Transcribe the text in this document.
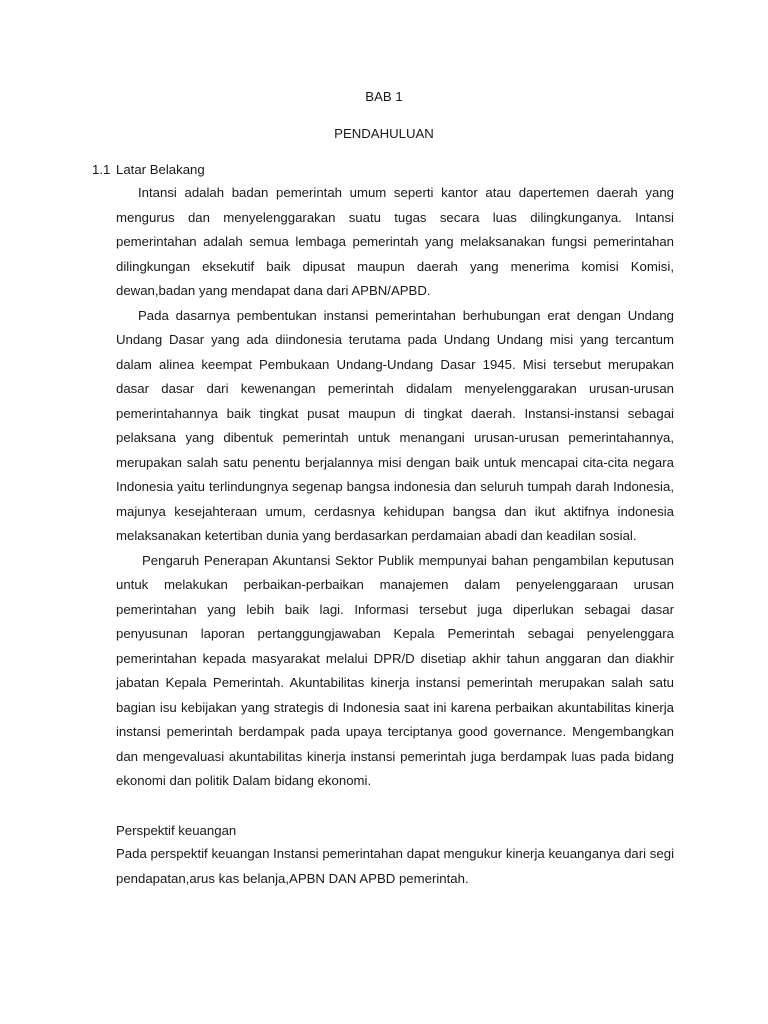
BAB 1
PENDAHULUAN
1.1 Latar Belakang

Intansi adalah badan pemerintah umum seperti kantor atau dapertemen daerah yang mengurus dan menyelenggarakan suatu tugas secara luas dilingkunganya. Intansi pemerintahan adalah semua lembaga pemerintah yang melaksanakan fungsi pemerintahan dilingkungan eksekutif baik dipusat maupun daerah yang menerima komisi Komisi, dewan,badan yang mendapat dana dari APBN/APBD.

Pada dasarnya pembentukan instansi pemerintahan berhubungan erat dengan Undang Undang Dasar yang ada diindonesia terutama pada Undang Undang misi yang tercantum dalam alinea keempat Pembukaan Undang-Undang Dasar 1945. Misi tersebut merupakan dasar dasar dari kewenangan pemerintah didalam menyelenggarakan urusan-urusan pemerintahannya baik tingkat pusat maupun di tingkat daerah. Instansi-instansi sebagai pelaksana yang dibentuk pemerintah untuk menangani urusan-urusan pemerintahannya, merupakan salah satu penentu berjalannya misi dengan baik untuk mencapai cita-cita negara Indonesia yaitu terlindungnya segenap bangsa indonesia dan seluruh tumpah darah Indonesia, majunya kesejahteraan umum, cerdasnya kehidupan bangsa dan ikut aktifnya indonesia melaksanakan ketertiban dunia yang berdasarkan perdamaian abadi dan keadilan sosial.

Pengaruh Penerapan Akuntansi Sektor Publik mempunyai bahan pengambilan keputusan untuk melakukan perbaikan-perbaikan manajemen dalam penyelenggaraan urusan pemerintahan yang lebih baik lagi. Informasi tersebut juga diperlukan sebagai dasar penyusunan laporan pertanggungjawaban Kepala Pemerintah sebagai penyelenggara pemerintahan kepada masyarakat melalui DPR/D disetiap akhir tahun anggaran dan diakhir jabatan Kepala Pemerintah. Akuntabilitas kinerja instansi pemerintah merupakan salah satu bagian isu kebijakan yang strategis di Indonesia saat ini karena perbaikan akuntabilitas kinerja instansi pemerintah berdampak pada upaya terciptanya good governance. Mengembangkan dan mengevaluasi akuntabilitas kinerja instansi pemerintah juga berdampak luas pada bidang ekonomi dan politik Dalam bidang ekonomi.

Perspektif keuangan

Pada perspektif keuangan Instansi pemerintahan dapat mengukur kinerja keuanganya dari segi pendapatan,arus kas belanja,APBN DAN APBD pemerintah.
